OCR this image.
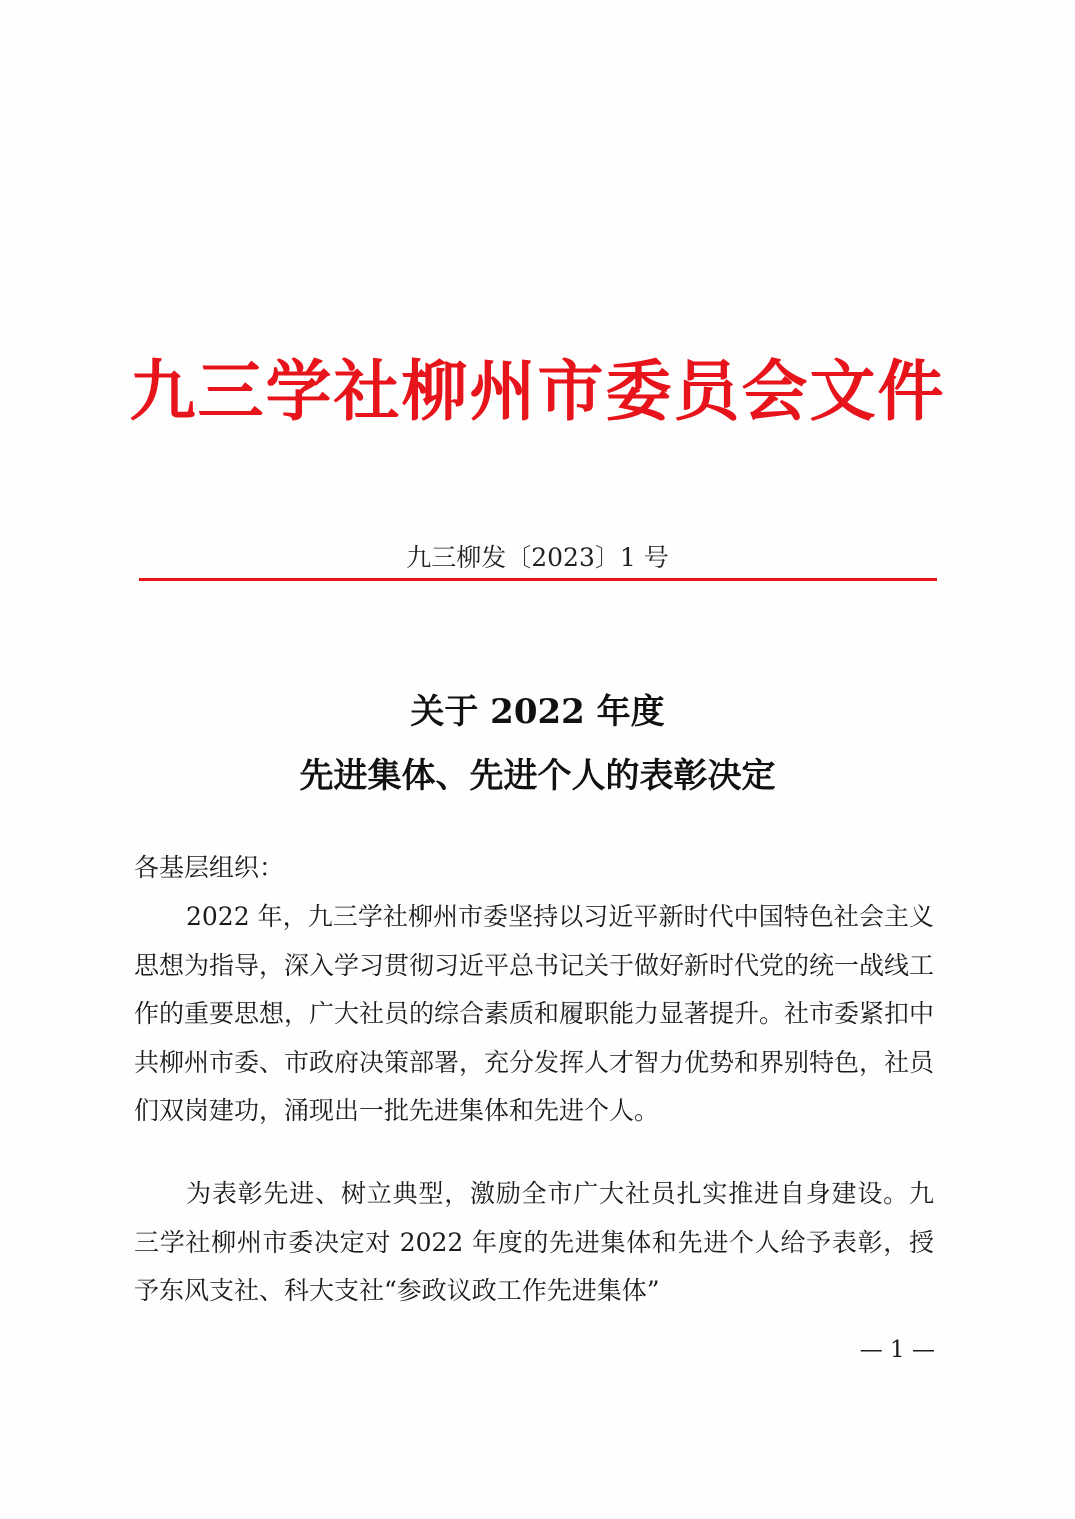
九三学社柳州市委员会文件
九三柳发〔2023〕1 号
关于 2022 年度
先进集体、先进个人的表彰决定
各基层组织：
2022 年，九三学社柳州市委坚持以习近平新时代中国特色社会主义思想为指导，深入学习贯彻习近平总书记关于做好新时代党的统一战线工作的重要思想，广大社员的综合素质和履职能力显著提升。社市委紧扣中共柳州市委、市政府决策部署，充分发挥人才智力优势和界别特色，社员们双岗建功，涌现出一批先进集体和先进个人。
为表彰先进、树立典型，激励全市广大社员扎实推进自身建设。九三学社柳州市委决定对 2022 年度的先进集体和先进个人给予表彰，授予东风支社、科大支社“参政议政工作先进集体”
— 1 —
